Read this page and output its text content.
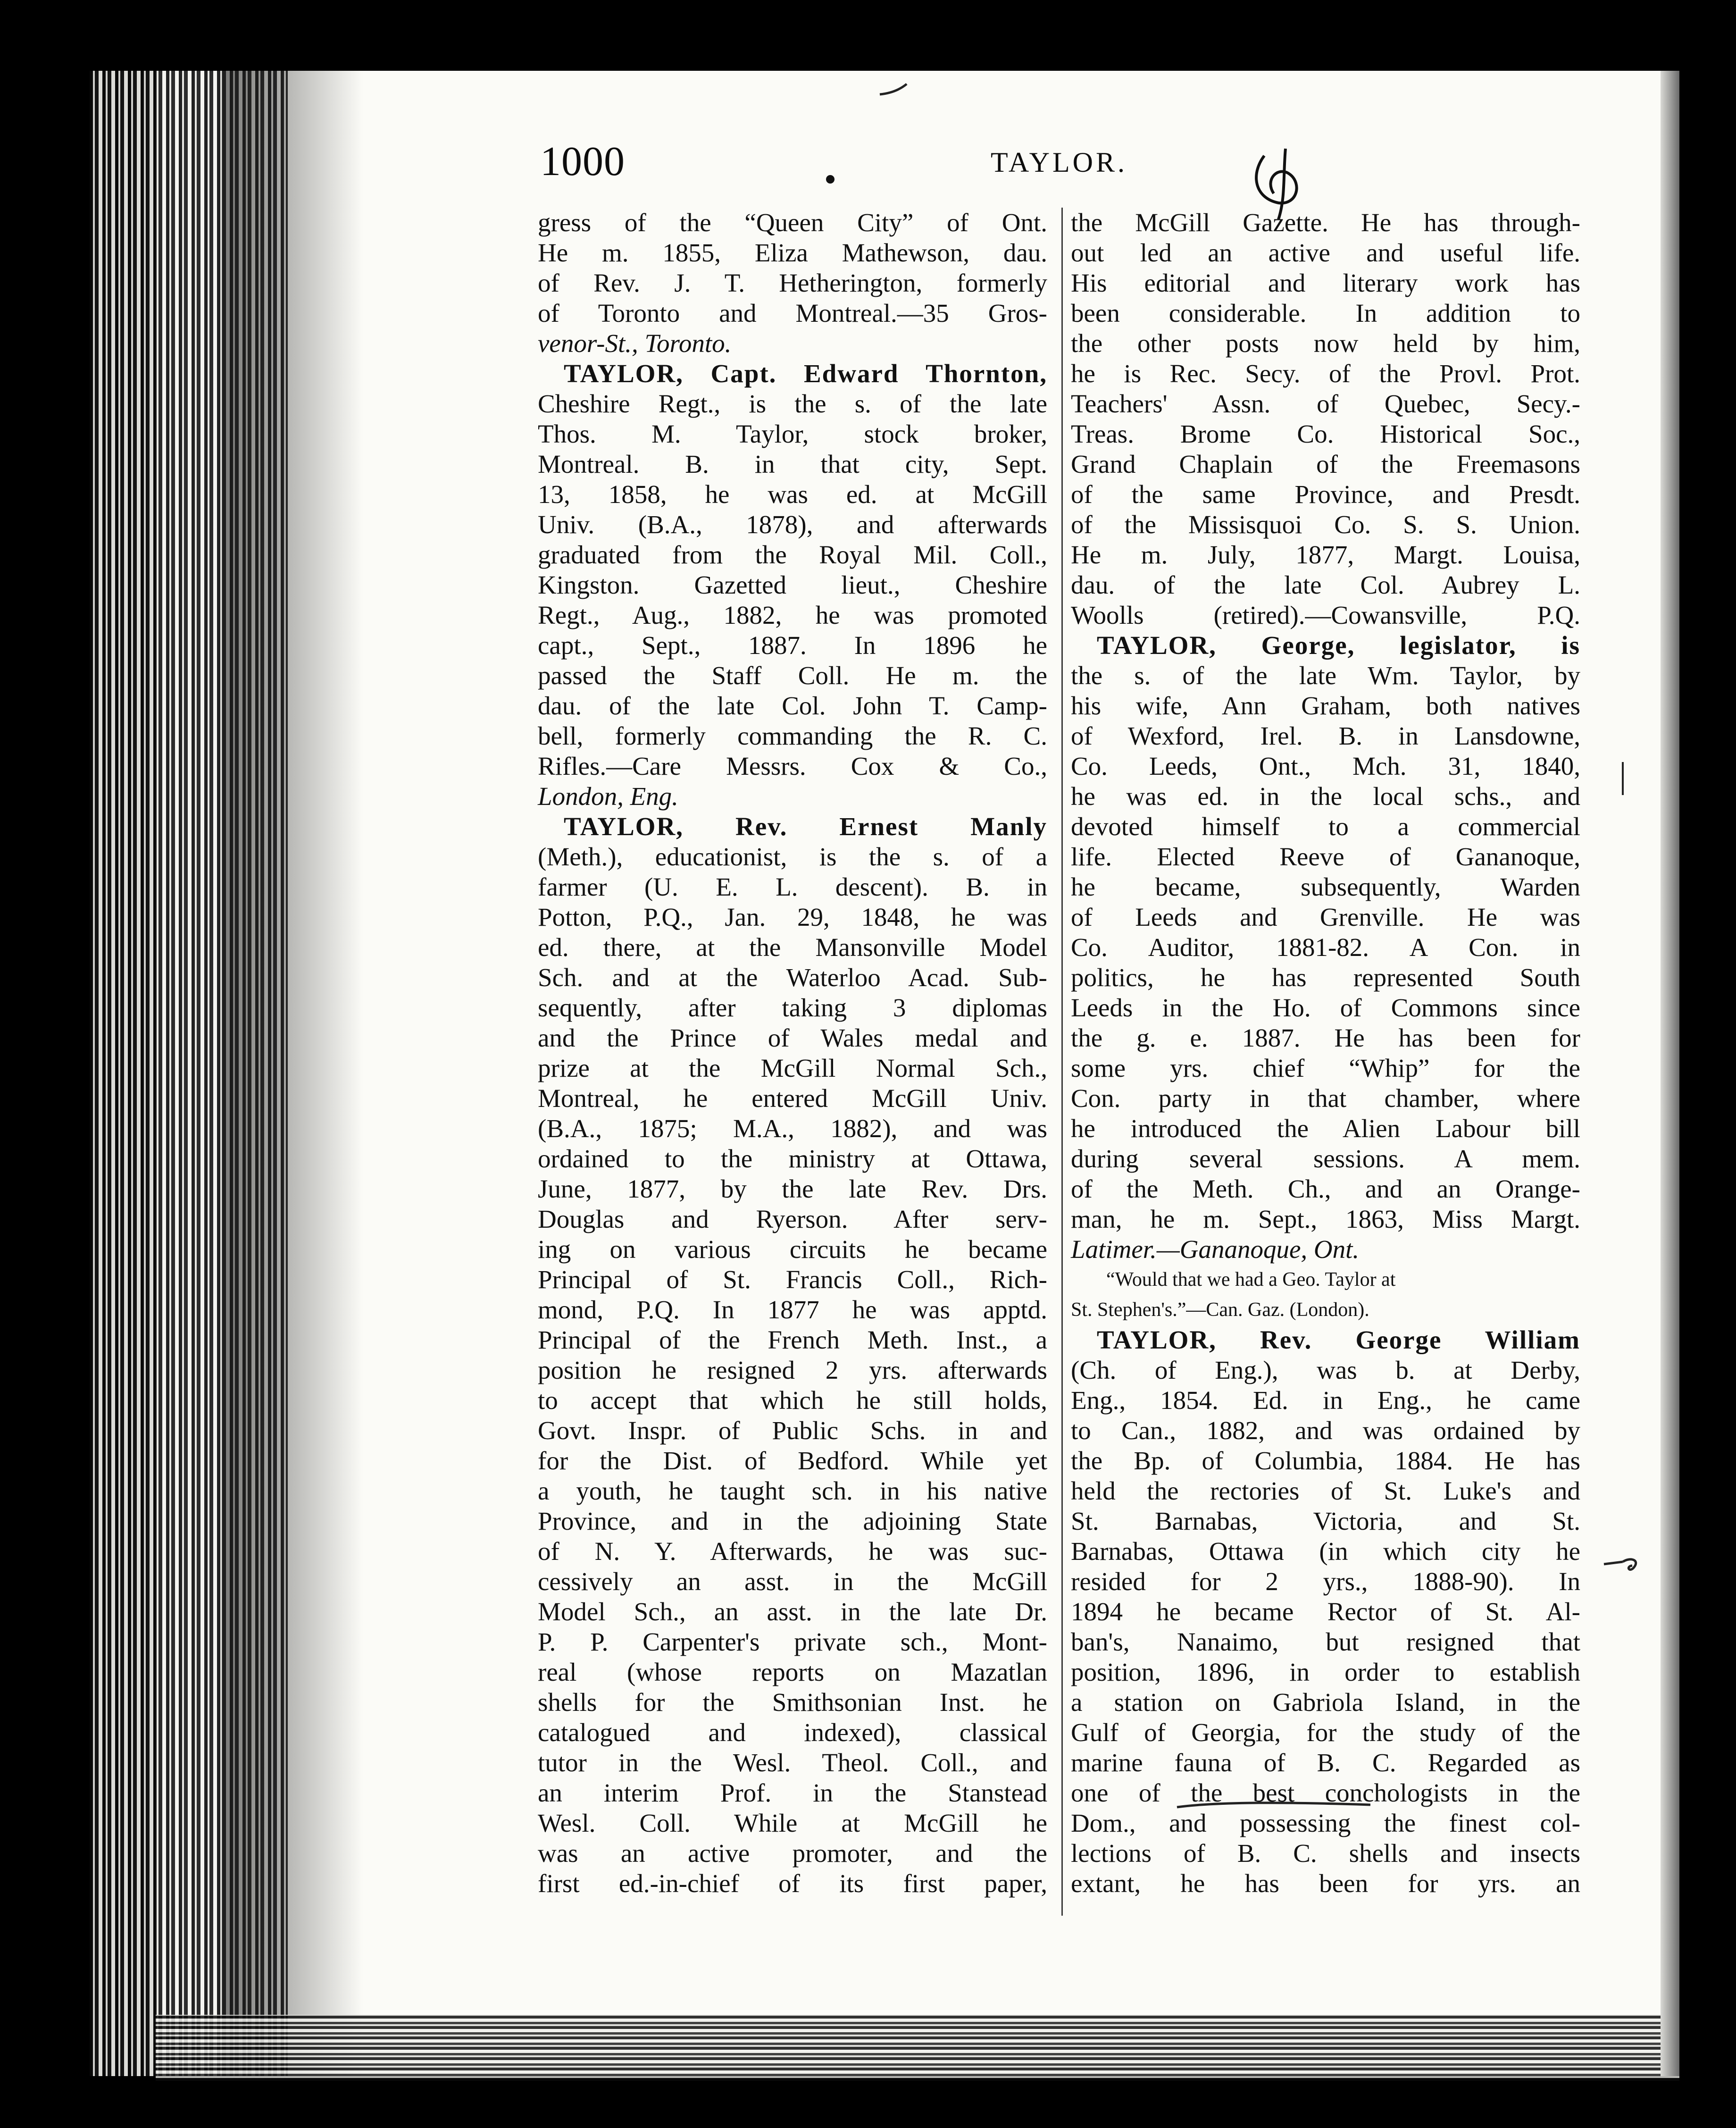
1000	TAYLOR.
gress of the “Queen City” of Ont.
He m. 1855, Eliza Mathewson, dau.
of Rev. J. T. Hetherington, formerly
of Toronto and Montreal.—35 Gros-
venor-St., Toronto.
TAYLOR, Capt. Edward Thornton,
Cheshire Regt., is the s. of the late
Thos. M. Taylor, stock broker,
Montreal. B. in that city, Sept.
13, 1858, he was ed. at McGill
Univ. (B.A., 1878), and afterwards
graduated from the Royal Mil. Coll.,
Kingston. Gazetted lieut., Cheshire
Regt., Aug., 1882, he was promoted
capt., Sept., 1887. In 1896 he
passed the Staff Coll. He m. the
dau. of the late Col. John T. Camp-
bell, formerly commanding the R. C.
Rifles.—Care Messrs. Cox & Co.,
London, Eng.
TAYLOR, Rev. Ernest Manly
(Meth.), educationist, is the s. of a
farmer (U. E. L. descent). B. in
Potton, P.Q., Jan. 29, 1848, he was
ed. there, at the Mansonville Model
Sch. and at the Waterloo Acad. Sub-
sequently, after taking 3 diplomas
and the Prince of Wales medal and
prize at the McGill Normal Sch.,
Montreal, he entered McGill Univ.
(B.A., 1875; M.A., 1882), and was
ordained to the ministry at Ottawa,
June, 1877, by the late Rev. Drs.
Douglas and Ryerson. After serv-
ing on various circuits he became
Principal of St. Francis Coll., Rich-
mond, P.Q. In 1877 he was apptd.
Principal of the French Meth. Inst., a
position he resigned 2 yrs. afterwards
to accept that which he still holds,
Govt. Inspr. of Public Schs. in and
for the Dist. of Bedford. While yet
a youth, he taught sch. in his native
Province, and in the adjoining State
of N. Y. Afterwards, he was suc-
cessively an asst. in the McGill
Model Sch., an asst. in the late Dr.
P. P. Carpenter's private sch., Mont-
real (whose reports on Mazatlan
shells for the Smithsonian Inst. he
catalogued and indexed), classical
tutor in the Wesl. Theol. Coll., and
an interim Prof. in the Stanstead
Wesl. Coll. While at McGill he
was an active promoter, and the
first ed.-in-chief of its first paper,
the McGill Gazette. He has through-
out led an active and useful life.
His editorial and literary work has
been considerable. In addition to
the other posts now held by him,
he is Rec. Secy. of the Provl. Prot.
Teachers' Assn. of Quebec, Secy.-
Treas. Brome Co. Historical Soc.,
Grand Chaplain of the Freemasons
of the same Province, and Presdt.
of the Missisquoi Co. S. S. Union.
He m. July, 1877, Margt. Louisa,
dau. of the late Col. Aubrey L.
Woolls (retired).—Cowansville, P.Q.
TAYLOR, George, legislator, is
the s. of the late Wm. Taylor, by
his wife, Ann Graham, both natives
of Wexford, Irel. B. in Lansdowne,
Co. Leeds, Ont., Mch. 31, 1840,
he was ed. in the local schs., and
devoted himself to a commercial
life. Elected Reeve of Gananoque,
he became, subsequently, Warden
of Leeds and Grenville. He was
Co. Auditor, 1881-82. A Con. in
politics, he has represented South
Leeds in the Ho. of Commons since
the g. e. 1887. He has been for
some yrs. chief “Whip” for the
Con. party in that chamber, where
he introduced the Alien Labour bill
during several sessions. A mem.
of the Meth. Ch., and an Orange-
man, he m. Sept., 1863, Miss Margt.
Latimer.—Gananoque, Ont.
“Would that we had a Geo. Taylor at
St. Stephen's.”—Can. Gaz. (London).
TAYLOR, Rev. George William
(Ch. of Eng.), was b. at Derby,
Eng., 1854. Ed. in Eng., he came
to Can., 1882, and was ordained by
the Bp. of Columbia, 1884. He has
held the rectories of St. Luke's and
St. Barnabas, Victoria, and St.
Barnabas, Ottawa (in which city he
resided for 2 yrs., 1888-90). In
1894 he became Rector of St. Al-
ban's, Nanaimo, but resigned that
position, 1896, in order to establish
a station on Gabriola Island, in the
Gulf of Georgia, for the study of the
marine fauna of B. C. Regarded as
one of the best conchologists in the
Dom., and possessing the finest col-
lections of B. C. shells and insects
extant, he has been for yrs. an
